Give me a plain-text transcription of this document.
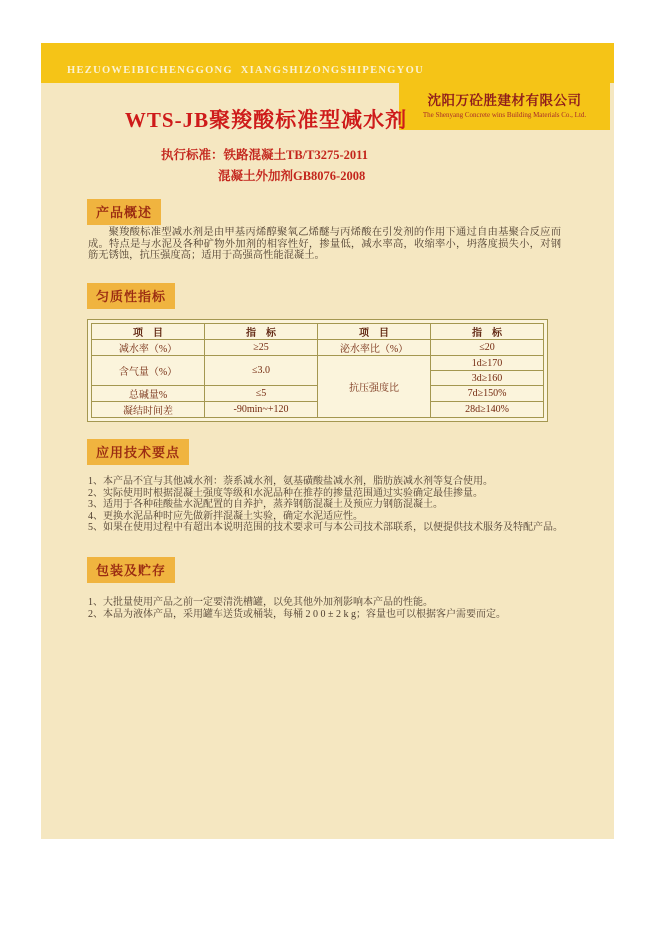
HEZUOWEIBICHENGGONG  XIANGSHIZONGSHIPENGYOU
沈阳万砼胜建材有限公司
The Shenyang Concrete wins Building Materials Co., Ltd.
WTS-JB聚羧酸标准型减水剂
执行标准：铁路混凝土TB/T3275-2011
混凝土外加剂GB8076-2008
产品概述
聚羧酸标准型减水剂是由甲基丙烯醇聚氧乙烯醚与丙烯酸在引发剂的作用下通过自由基聚合反应而成。特点是与水泥及各种矿物外加剂的相容性好，掺量低，减水率高，收缩率小，坍落度损失小，对钢筋无锈蚀，抗压强度高；适用于高强高性能混凝土。
匀质性指标
项    目	指    标	项    目	指    标
减水率（%）	≥25	泌水率比（%）	≤20
含气量（%）	≤3.0	抗压强度比	1d≥170
			3d≥160
总碱量%	≤5		7d≥150%
凝结时间差	-90min~+120		28d≥140%
应用技术要点
1、本产品不宜与其他减水剂：萘系减水剂，氨基磺酸盐减水剂，脂肪族减水剂等复合使用。
2、实际使用时根据混凝土强度等级和水泥品种在推荐的掺量范围通过实验确定最佳掺量。
3、适用于各种硅酸盐水泥配置的自养护，蒸养钢筋混凝土及预应力钢筋混凝土。
4、更换水泥品种时应先做新拌混凝土实验，确定水泥适应性。
5、如果在使用过程中有超出本说明范围的技术要求可与本公司技术部联系，以便提供技术服务及特配产品。
包装及贮存
1、大批量使用产品之前一定要清洗槽罐，以免其他外加剂影响本产品的性能。
2、本品为液体产品，采用罐车送货或桶装，每桶 2 0 0 ± 2 k g；容量也可以根据客户需要而定。
